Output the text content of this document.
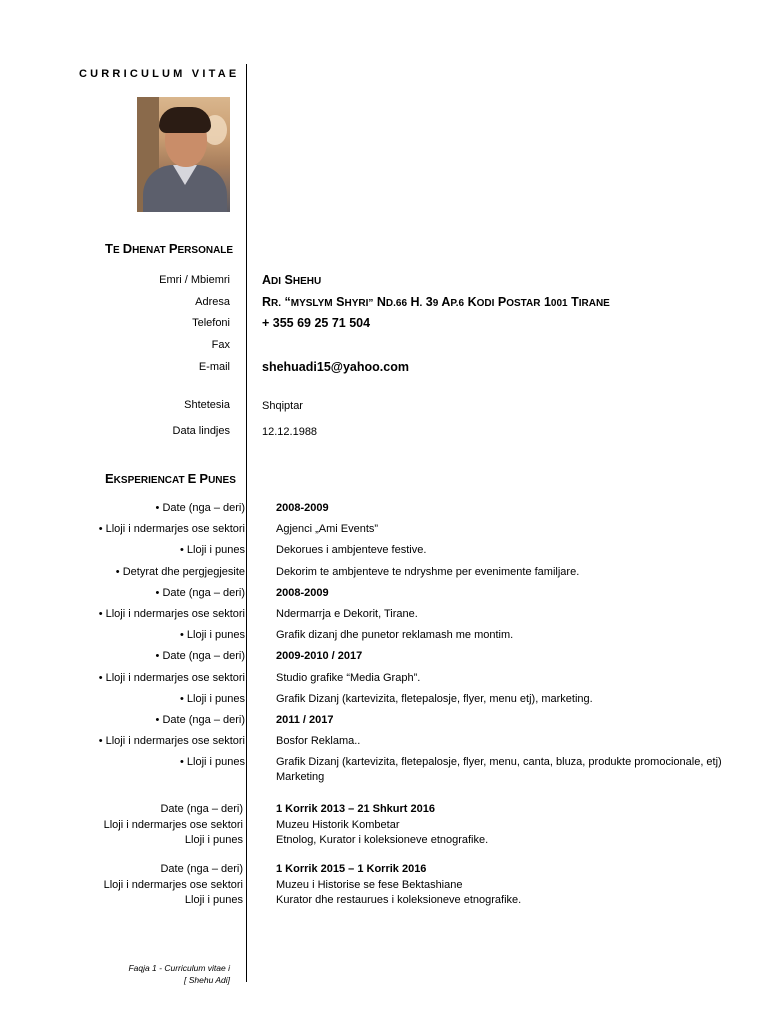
CURRICULUM VITAE
TE DHENAT PERSONALE
Emri / Mbiemri	ADI SHEHU
Adresa	RR. “MYSLYM SHYRI” ND.66 H. 39 AP.6 KODI POSTAR 1001 TIRANE
Telefoni	+ 355 69 25 71 504
Fax
E-mail	shehuadi15@yahoo.com
Shtetesia	Shqiptar
Data lindjes	12.12.1988
EKSPERIENCAT E PUNES
• Date (nga – deri)	2008-2009
• Lloji i ndermarjes ose sektori	Agjenci „Ami Events”
• Lloji i punes	Dekorues i ambjenteve festive.
• Detyrat dhe pergjegjesite	Dekorim te ambjenteve te ndryshme per evenimente familjare.
• Date (nga – deri)	2008-2009
• Lloji i ndermarjes ose sektori	Ndermarrja e Dekorit, Tirane.
• Lloji i punes	Grafik dizanj dhe punetor reklamash me montim.
• Date (nga – deri)	2009-2010 / 2017
• Lloji i ndermarjes ose sektori	Studio grafike “Media Graph”.
• Lloji i punes	Grafik Dizanj (kartevizita, fletepalosje, flyer, menu etj), marketing.
• Date (nga – deri)	2011 / 2017
• Lloji i ndermarjes ose sektori	Bosfor Reklama..
• Lloji i punes	Grafik Dizanj (kartevizita, fletepalosje, flyer, menu, canta, bluza, produkte promocionale, etj)
Marketing
Date (nga – deri)	1 Korrik 2013 – 21 Shkurt 2016
Lloji i ndermarjes ose sektori	Muzeu Historik Kombetar
Lloji i punes	Etnolog, Kurator i koleksioneve etnografike.
Date (nga – deri)	1 Korrik 2015 – 1 Korrik 2016
Lloji i ndermarjes ose sektori	Muzeu i Historise se fese Bektashiane
Lloji i punes	Kurator dhe restaurues i koleksioneve etnografike.
Faqja 1 - Curriculum vitae i
[ Shehu Adi]
